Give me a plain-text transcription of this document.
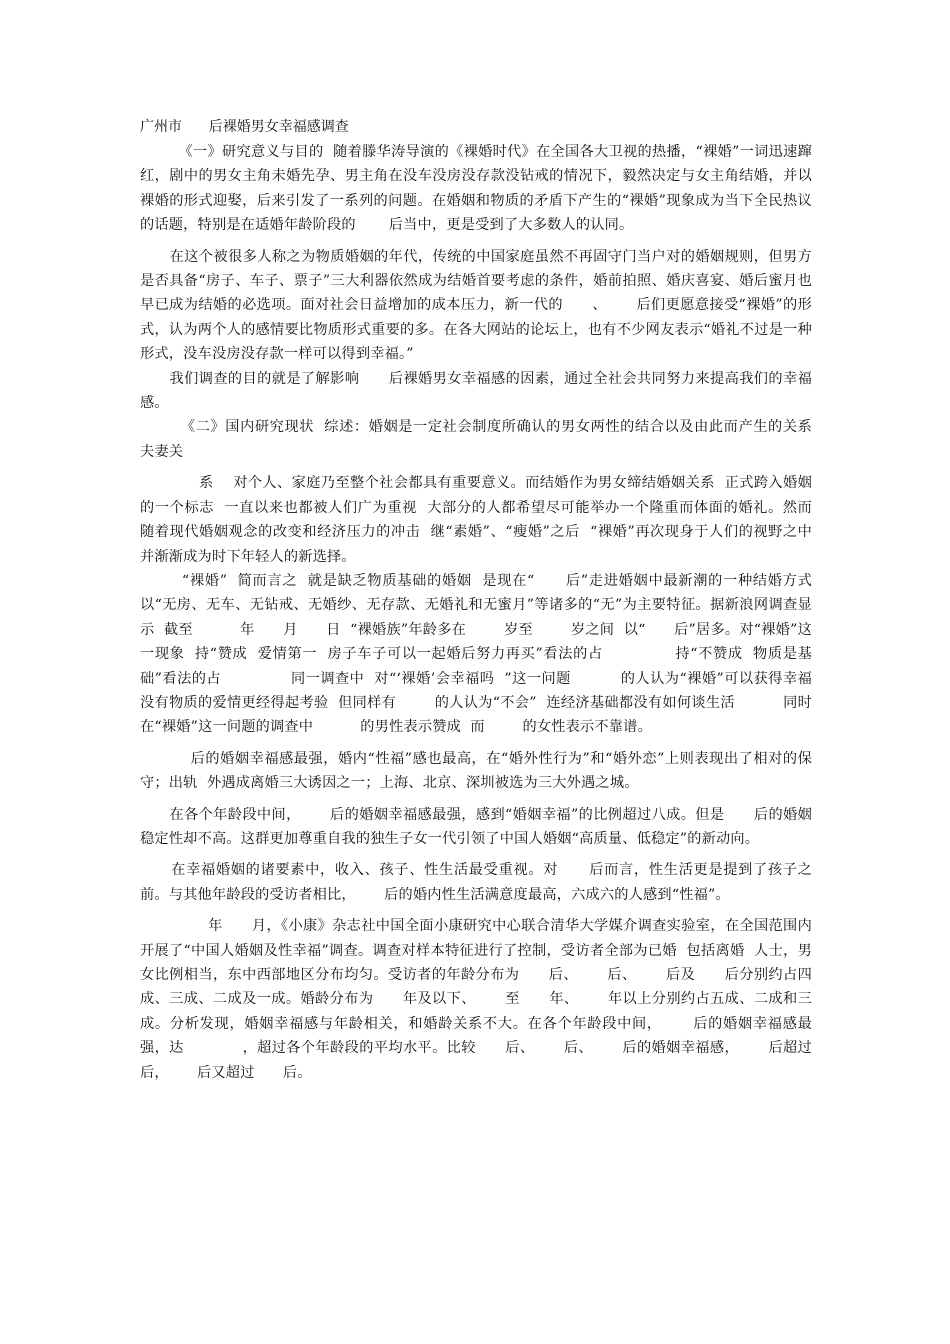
广州市      后裸婚男女幸福感调查

《一》研究意义与目的  随着滕华涛导演的《裸婚时代》在全国各大卫视的热播，“裸婚”一词迅速蹿红，剧中的男女主角未婚先孕、男主角在没车没房没存款没钻戒的情况下，毅然决定与女主角结婚，并以裸婚的形式迎娶，后来引发了一系列的问题。在婚姻和物质的矛盾下产生的“裸婚”现象成为当下全民热议的话题，特别是在适婚年龄阶段的       后当中，更是受到了大多数人的认同。

在这个被很多人称之为物质婚姻的年代，传统的中国家庭虽然不再固守门当户对的婚姻规则，但男方是否具备“房子、车子、票子”三大利器依然成为结婚首要考虑的条件，婚前拍照、婚庆喜宴、婚后蜜月也早已成为结婚的必选项。面对社会日益增加的成本压力，新一代的      、      后们更愿意接受“裸婚”的形式，认为两个人的感情要比物质形式重要的多。在各大网站的论坛上，也有不少网友表示“婚礼不过是一种形式，没车没房没存款一样可以得到幸福。”

我们调查的目的就是了解影响      后裸婚男女幸福感的因素，通过全社会共同努力来提高我们的幸福感。

《二》国内研究现状  综述：婚姻是一定社会制度所确认的男女两性的结合以及由此而产生的关系  夫妻关

系    对个人、家庭乃至整个社会都具有重要意义。而结婚作为男女缔结婚姻关系  正式跨入婚姻的一个标志  一直以来也都被人们广为重视  大部分的人都希望尽可能举办一个隆重而体面的婚礼。然而  随着现代婚姻观念的改变和经济压力的冲击  继“素婚”、“瘦婚”之后  “裸婚”再次现身于人们的视野之中  并渐渐成为时下年轻人的新选择。

“裸婚”  简而言之  就是缺乏物质基础的婚姻  是现在“      后”走进婚姻中最新潮的一种结婚方式  以“无房、无车、无钻戒、无婚纱、无存款、无婚礼和无蜜月”等诸多的“无”为主要特征。据新浪网调查显示  截至          年      月      日  “裸婚族”年龄多在        岁至        岁之间  以“      后”居多。对“裸婚”这一现象  持“赞成  爱情第一  房子车子可以一起婚后努力再买”看法的占              持“不赞成  物质是基础”看法的占              同一调查中  对“‘裸婚’会幸福吗  ”这一问题          的人认为“裸婚”可以获得幸福  没有物质的爱情更经得起考验  但同样有        的人认为“不会”  连经济基础都没有如何谈生活          同时  在“裸婚”这一问题的调查中          的男性表示赞成  而        的女性表示不靠谱。

后的婚姻幸福感最强，婚内“性福”感也最高，在“婚外性行为”和“婚外恋”上则表现出了相对的保守；出轨  外遇成离婚三大诱因之一；上海、北京、深圳被选为三大外遇之城。

在各个年龄段中间，      后的婚姻幸福感最强，感到“婚姻幸福”的比例超过八成。但是      后的婚姻稳定性却不高。这群更加尊重自我的独生子女一代引领了中国人婚姻“高质量、低稳定”的新动向。

在幸福婚姻的诸要素中，收入、孩子、性生活最受重视。对      后而言，性生活更是提到了孩子之前。与其他年龄段的受访者相比，      后的婚内性生活满意度最高，六成六的人感到“性福”。

年      月，《小康》杂志社中国全面小康研究中心联合清华大学媒介调查实验室，在全国范围内开展了“中国人婚姻及性幸福”调查。调查对样本特征进行了控制，受访者全部为已婚  包括离婚  人士，男女比例相当，东中西部地区分布均匀。受访者的年龄分布为      后、      后、      后及      后分别约占四成、三成、二成及一成。婚龄分布为      年及以下、      至      年、      年以上分别约占五成、二成和三成。分析发现，婚姻幸福感与年龄相关，和婚龄关系不大。在各个年龄段中间，      后的婚姻幸福感最强，达            ，超过各个年龄段的平均水平。比较      后、      后、      后的婚姻幸福感，      后超过      后，      后又超过      后。
